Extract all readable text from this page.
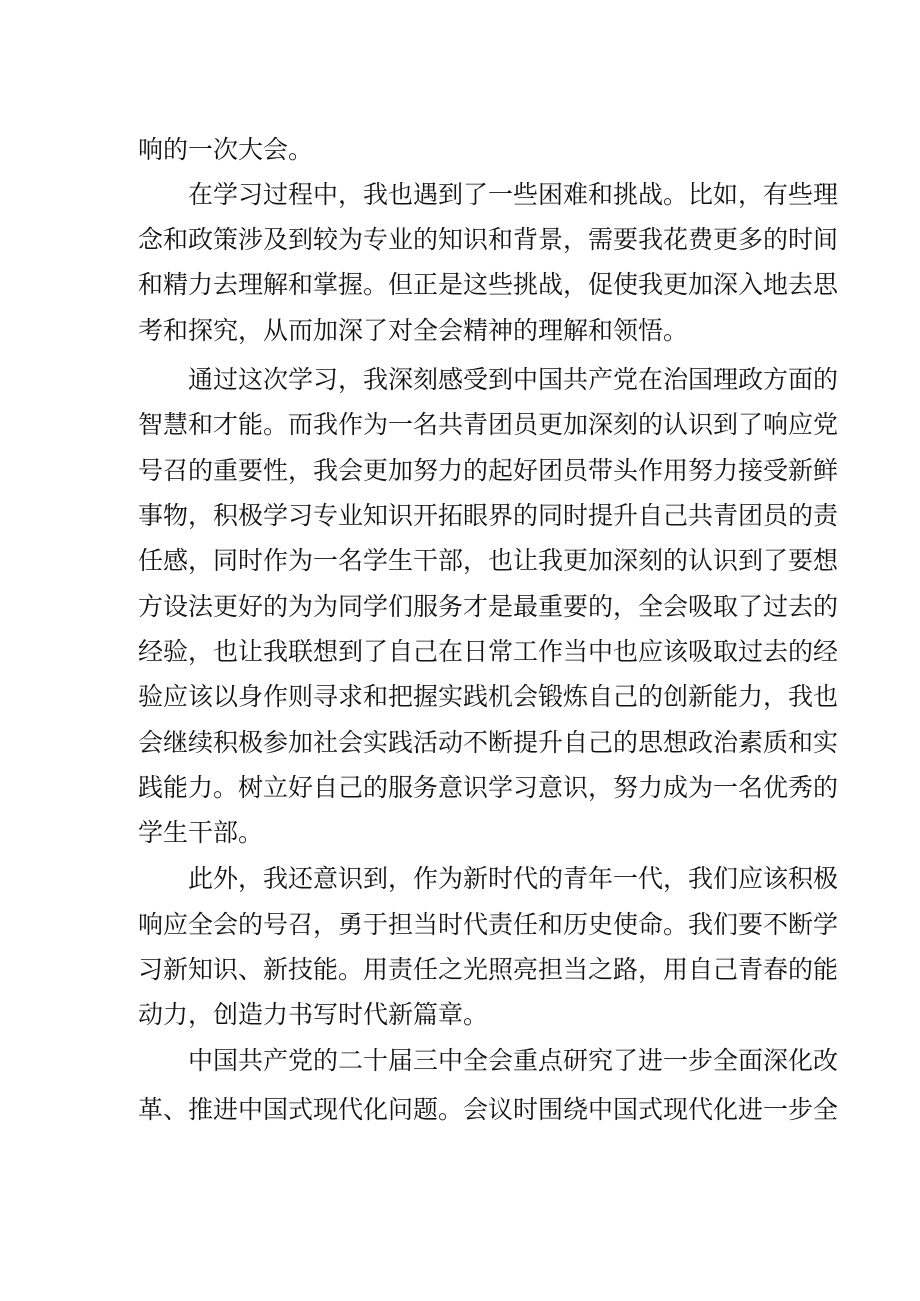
响的一次大会。
在学习过程中，我也遇到了一些困难和挑战。比如，有些理
念和政策涉及到较为专业的知识和背景，需要我花费更多的时间
和精力去理解和掌握。但正是这些挑战，促使我更加深入地去思
考和探究，从而加深了对全会精神的理解和领悟。
通过这次学习，我深刻感受到中国共产党在治国理政方面的
智慧和才能。而我作为一名共青团员更加深刻的认识到了响应党
号召的重要性，我会更加努力的起好团员带头作用努力接受新鲜
事物，积极学习专业知识开拓眼界的同时提升自己共青团员的责
任感，同时作为一名学生干部，也让我更加深刻的认识到了要想
方设法更好的为为同学们服务才是最重要的，全会吸取了过去的
经验，也让我联想到了自己在日常工作当中也应该吸取过去的经
验应该以身作则寻求和把握实践机会锻炼自己的创新能力，我也
会继续积极参加社会实践活动不断提升自己的思想政治素质和实
践能力。树立好自己的服务意识学习意识，努力成为一名优秀的
学生干部。
此外，我还意识到，作为新时代的青年一代，我们应该积极
响应全会的号召，勇于担当时代责任和历史使命。我们要不断学
习新知识、新技能。用责任之光照亮担当之路，用自己青春的能
动力，创造力书写时代新篇章。
中国共产党的二十届三中全会重点研究了进一步全面深化改
革、推进中国式现代化问题。会议时围绕中国式现代化进一步全
